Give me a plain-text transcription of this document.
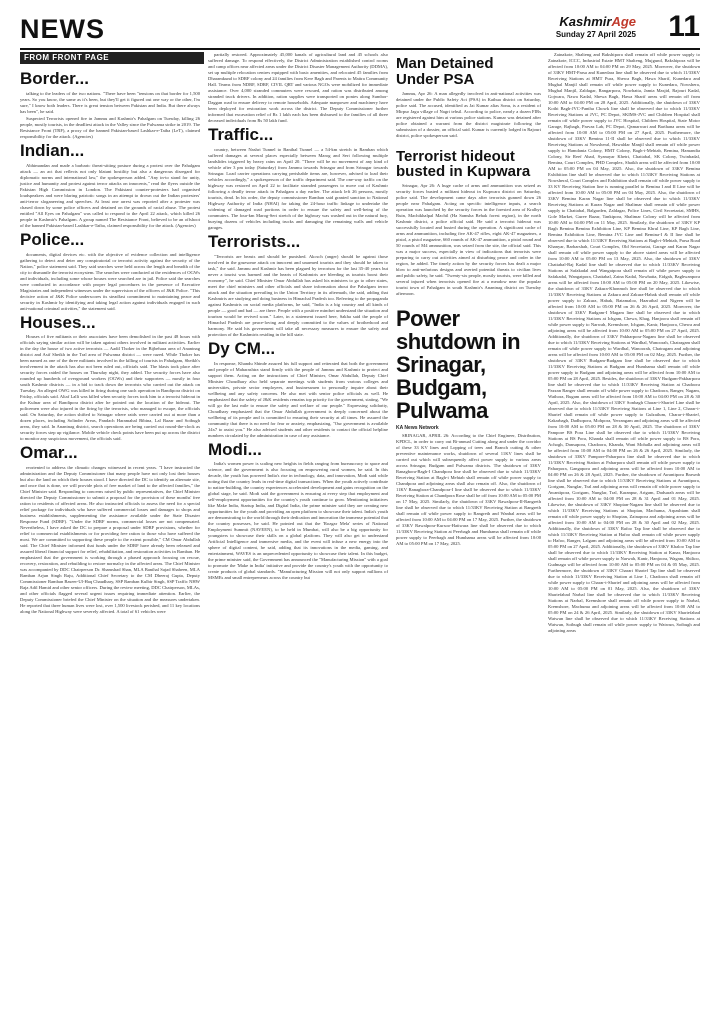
NEWS	KashmirAge
Sunday 27 April 2025 11
FROM FRONT PAGE
Border...

talking to the leaders of the two nations. "There have been "tensions on that border for 1,500 years. So you know, the same as it's been, but they'll get it figured out one way or the other, I'm sure," I know both leaders. There is great tension between Pakistan and India. But there always has been", he said.

Suspected Terrorists opened fire in Jammu and Kashmir's Pahalgam on Tuesday, killing 26 people, mostly tourists, in the deadliest attack in the Valley since the Pulwama strike in 2019. The Resistance Front (TRF), a proxy of the banned Pakistan-based Lashkar-e-Taiba (LeT), claimed responsibility for the attack. (Agencies)

Indian...

Abhimandan and made a barbaric threat-sitting posture during a protest over the Pahalgam attack — an act that reflects not only blatant hostility but also a dangerous disregard for diplomatic norms and international law," the spokesperson added. "Any in-to stand for unity, justice and humanity and protest against terror attacks on innocents," read the flyers outside the Pakistan High Commission in London. The Pakistani counter-protesters had organised loudspeakers and were blaring patriotic songs in an attempt to drown out the Indian protesters' anti-terror sloganeering and speeches. At least one arrest was reported after a protester was chased down by some police officers and detained on the grounds of racial abuse. The protest entitled "All Eyes on Pahalgam" was called to respond to the April 22 attack, which killed 26 people in Kashmir's Pahalgam. A group named The Resistance Front, believed to be an offshoot of the banned Pakistan-based Lashkar-e-Taiba, claimed responsibility for the attack. (Agencies)

Police...

documents, digital devices etc. with the objective of evidence collection and intelligence gathering to detect and deter any conspiratorial or terrorist activity against the security of the Nation," police statement said. They said searches were held across the length and breadth of the city to dismantle the terrorist ecosystem. The searches were conducted at the residences of OGWs and individuals, including some whose houses were searched are in jail. Police said the searches were conducted in accordance with proper legal procedures in the presence of Executive Magistrates and independent witnesses under the supervision of the officers of J&K Police. "This decisive action of J&K Police underscores its steadfast commitment to maintaining peace and security in Kashmir by identifying and taking legal action against individuals engaged in such anti-national criminal activities," the statement said.

Houses...

Houses of five militants or their associates have been demolished in the past 48 hours with officials saying similar action will be taken against others involved in militant activities. Earlier in the day the house of two active terrorists — Aadil Thoker in the Bijbehara area of Anantnag district and Asif Sheikh in the Tral area of Pulwama district — were razed. While Thoker has been named as one of the three militants involved in the killing of tourists in Pahalgam, Sheikh's involvement in the attack has also not been ruled out, officials said. The blasts took place after security forces raided the houses on Thursday night, they added. The security forces have also rounded up hundreds of overground workers (OGWs) and their supporters — mostly in four south Kashmir districts — in a bid to track down the terrorists who carried out the attack on Tuesday. An alleged OWG was killed in firing during one such operation in Bandipora district on Friday, officials said. Altaf Lalli was killed when security forces took him to a terrorist hideout in the Kulnar area of Bandipora district after he pointed out the location of the hideout. The policemen were also injured in the firing by the terrorists, who managed to escape, the officials said. On Saturday, the action shifted to Srinagar where raids were carried out at more than a dozen places, including Solinder Areas, Pandach Haramahal Bibina, Lal Bazar and Soibugh areas, they said. In Anantnag district, search operations are being carried out round-the-clock as security forces step up vigilance. Mobile vehicle check points have been put up across the district to monitor any suspicious movement, the officials said.

Omar...

reoriented to address the climatic changes witnessed in recent years. "I have instructed the administration and the Deputy Commissioner that many people have not only lost their houses but also the land on which their houses stood. I have directed the DC to identify an alternate site, and once that is done, we will provide plots of free market of land to the affected families," the Chief Minister said. Responding to concerns raised by public representatives, the Chief Minister directed the Deputy Commissioner to submit a proposal for the provision of these months' free ration to residents of affected areas. He also instructed officials to assess the need for a special relief package for individuals who have suffered commercial losses and damages to shops and business establishments, supplementing the assistance available under the State Disaster Response Fund (SDRF). "Under the SDRF norms, commercial losses are not compensated. Nevertheless, I have asked the DC to prepare a proposal under SDRF provisions, whether for relief to commercial establishments or for providing free ration to those who have suffered the most. We are committed to supporting these people to the extent possible," CM Omar Abdullah said. The Chief Minister informed that funds under the SDRF have already been released and assured liberal financial support for relief, rehabilitation, and restoration activities in Ramban. He emphasized that the government is working through a phased approach focusing on rescue, recovery, restoration, and rebuilding to restore normalcy in the affected areas. The Chief Minister was accompanied by DDC Chairperson Dr. Shamshad Shan, MLA Banihal Sajad Shaheen, MLA Ramban Arjun Singh Raju, Additional Chief Secretary to the CM Dheeraj Gupta, Deputy Commissioner Ramban Baseer-Ul-Haq Chaudhary, SSP Ramban Kulbir Singh, SSP Traffic NHW Raja Adil Hamid and other senior officers. During the review meeting, DDC Chairperson, MLAs, and other officials flagged several urgent issues requiring immediate attention. Earlier, the Deputy Commissioner briefed the Chief Minister on the situation and the measures undertaken. He reported that three human lives were lost, over 1,500 livestock perished, and 11 key locations along the National Highway were severely affected. A total of 61 vehicles were

partially restored. Approximately 45,000 kanals of agricultural land and 45 schools also suffered damage. To respond effectively, the District Administration established control rooms and camp offices near affected areas under the District Disaster Management Authority (DDMA), set up multiple relocation centres equipped with basic amenities, and relocated 45 families from Dharamkund to SDRF colony and 24 families from Kere Bagh and Parents to Maitra Community Hall. Teams from NDRF, SDRF, CIVIL QRT and various NGOs were mobilized for immediate assistance. Over 4,000 stranded commuters were rescued, and ration was distributed among stranded truck drivers. In addition, ration supplies were transported on ponies along Sumbor-Daggan road to ensure delivery to remote households. Adequate manpower and machinery have been deployed for restoration work across the district. The Deputy Commissioner further informed that excavation relief of Rs 1 lakh each has been disbursed to the families of all three deceased individuals from Rs 50 lakh fund.

Traffic...

country, between Nashri Tunnel to Banihal Tunnel — a 54-km stretch in Ramban which suffered damages at several places especially between Marog and Seri following multiple landslides triggered by heavy rains on April 20. "There will be no movement of any kind of vehicle after 3 pm today (Saturday) from Jammu towards Srinagar and from Srinagar towards Srinagar. Load carrier operations carrying perishable items are, however, advised to load their vehicles accordingly," a spokesperson of the traffic department said. The one-way traffic on the highway was restored on April 22 to facilitate stranded passengers to move out of Kashmir following a deadly terror attack in Pahalgam a day earlier. The attack left 26 persons, mostly tourists, dead. In his order, the deputy commissioner Ramban said granted sanction to National Highway Authority of India (NHAI) for taking the 24-hour traffic linkage to undertake the widening of damaged road portions in order to ensure the safety and well-being of the commuters. The four-km Marog-Seri stretch of the highway was washed out in the natural fury, burying dozens of vehicles including trucks and damaging the remaining walls and vehicle garages.

Terrorists...

"Terrorists are beasts and should be punished. Akcsch (anger) should be against those involved in the gruesome attack on innocent and unarmed tourists and they should be taken to task," the said. Jammu and Kashmir has been plagued by terrorism for the last 35-40 years but never a tourist was harmed and the hearts of Kashmiris are bleeding as tourists boost their economy", he said. Chief Minister Omar Abdullah has asked his ministers to go to other states, meet the chief ministers and other officials and share information about the Pahalgam terror attack and the situation prevailing in the Union Territory in its aftermath, the said, adding that Kashmiris are studying and doing business in Himachal Pradesh too. Referring to the propaganda against Kashmiris on social media platforms, he said, "India is a big country and all kinds of people — good and bad — are there. People with a positive mindset understand the situation and tourism would be revived soon." Later, in a statement issued here, Sakha said the people of Himachal Pradesh are peace-loving and deeply committed to the values of brotherhood and harmony. He said his government will take all necessary measures to ensure the safety and protection of the Kashmiris residing in the hill state.

Dy CM...

In response, Khandu Shinde assured his full support and reiterated that both the government and people of Maharashtra stand firmly with the people of Jammu and Kashmir to protect and support them. Acting on the instructions of Chief Minister, Omar Abdullah, Deputy Chief Minister Choudhary also held separate meetings with students from various colleges and universities, private sector employees, and businessmen to personally inquire about their wellbeing and any safety concerns. He also met with senior police officials as well. He emphasized that the safety of J&K residents remains top priority for the government, stating, "We will go the last mile to ensure the safety and welfare of our people." Expressing solidarity, Choudhary emphasized that the Omar Abdullah government is deeply concerned about the wellbeing of its people and is committed to ensuring their security at all times. He assured the community that there is no need for fear or anxiety, emphasizing, "Our government is available 24x7 to assist you." He also advised students and other residents to contact the official helpline numbers circulated by the administration in case of any assistance.

Modi...

India's women power is scaling new heights in fields ranging from bureaucracy to space and science, and the government is also focusing on empowering rural women, he said. In this decade, the youth has powered India's rise in technology, data, and innovation, Modi said while noting that the country leads in real-time digital transactions. When the youth actively contribute to nation-building, the country experiences accelerated development and gains recognition on the global stage, he said. Modi said the government is ensuring at every step that employment and self-employment opportunities for the country's youth continue to grow. Mentioning initiatives like Make India, Startup India, and Digital India, the prime minister said they are creating new opportunities for the youth and providing an open platform to showcase their talent. India's youth are demonstrating to the world through their dedication and innovation the immense potential that the country possesses, he said. He pointed out that the 'Rozgar Mela' series of National Employment Summit (NAVEEN), to be held in Mumbai, will also be a big opportunity for youngsters to showcase their skills on a global platform. They will also get to understand Artificial Intelligence and immersive media, and the event will infuse a new energy into the sphere of digital content, he said, adding that its innovations in the media, gaming, and entertainment, WAVES is an unprecedented opportunity to showcase their talent. In this budget, the prime minister said, the Government has announced the "Manufacturing Mission" with a goal to promote the 'Make in India' initiative and provide the country's youth with the opportunity to create products of global standards. "Manufacturing Mission will not only support millions of MSMEs and small entrepreneurs across the country but

Man Detained Under PSA

Jammu, Apr 26: A man allegedly involved in anti-national activities was detained under the Public Safety Act (PSA) in Kathua district on Saturday, police said. The accused, identified as Jai Kumar alias Sonu, is a resident of Mirpur Jagu village of Nagri tehsil. According to police, nearly a dozen FIRs are registered against him at various police stations. Kumar was detained after police obtained a warrant from the district magistrate following the submission of a dossier, an official said. Kumar is currently lodged in Rajouri district, police spokesperson said.

Terrorist hideout busted in Kupwara

Srinagar, Apr 26: A huge cache of arms and ammunition was seized as security forces busted a militant hideout in Kupwara district on Saturday, police said. The development came days after terrorists gunned down 26 people near Pahalgam. Acting on specific intelligence inputs, a search operation was launched by the security forces in the forested area of Kralbyi Ruin, Machikhalpal Machil (Ha Samsha Behak forest region), in the north Kashmir district, a police official said. He said a terrorist hideout was successfully located and busted during the operation. A significant cache of arms and ammunition, including five AK-47 rifles, eight AK-47 magazines, a pistol, a pistol magazine, 660 rounds of AK-47 ammunition, a pistol round and 50 rounds of M4 ammunition, was seized from the site, the official said. This was a major success, especially in view of indications that terrorists were preparing to carry out activities aimed at disturbing peace and order in the region, he added. The timely action by the security forces has dealt a major blow to anti-nefarious designs and averted potential threats to civilian lives and public safety, he said. "Twenty-six people, mostly tourists, were killed and several injured when terrorists opened fire at a meadow near the popular tourist town of Pahalgam in south Kashmir's Anantnag district on Tuesday afternoon.

Power shutdown in Srinagar, Budgam, Pulwama
KA News Network

SRINAGAR, APRIL 26: According to the Chief Engineer, Distribution, KPDCL, in order to carry out Bi-annual Cutting along and under the corridor of these 33 KV lines and Lopping of trees and Branch cutting & other preventive maintenance works, shutdown of several 11KV lines shall be carried out which will subsequently affect power supply to various areas across Srinagar, Budgam and Pulwama districts. The shutdown of 33KV Ranagbora-Bagh-I Chandpora line shall be observed due to which 11/33KV Receiving Station at Bagh-i Mehtab shall remain off while power supply to Chandpora and adjoining areas shall also remain off. Also, the shutdown of 11KV Ranagbora-Chandpora-I line shall be observed due to which 11/33KV Receiving Station at Chandpora Rose shall be off from 10:00 AM to 05:00 PM on 17 May, 2025. Similarly, the shutdown of 33KV Rawalpora-II-Rangreth line shall be observed due to which 11/33KV Receiving Station at Rangreth shall remain off while power supply to Rangreth and Wanbal areas will be affected from 10:00 AM to 04:00 PM on 17 May, 2025. Further, the shutdown of 33KV Rawalpora-Kursoo-Hatiwara line shall be observed due to which 11/33KV Receiving Station at Peerbagh and Humhama shall remain off while power supply to Peerbagh and Humhama areas will be affected from 10:00 AM to 05:00 PM on 17 May, 2025.

Zainakote, Shalteng and Bakshipora shall remain off while power supply to Zainakote, ICCC, Industrial Estate HMT Shalteng, Mujgund, Bakshipora will be affected from 10:00 AM to 04:00 PM on 29 May, 2025. Moreover, the shutdown of 33KV HMT-Parsa and Kunedara line shall be observed due to which 11/33KV Receiving Stations at HMT Pura, Shewa Bagh, Hawa Sharif, Kunedara and Mughal Manjil shall remain off while power supply to Kunedara, Nowshera, Mughal Manjil, Zaldagar, Rangarpora, Nowhatta, Jamia Masjid, Rajouri Kadal, Gojwara, Nawa Kadal, Shewa Bagh, Hawa Sharif areas will remain off from 10:00 AM to 04:00 PM on 28 April, 2025. Additionally, the shutdown of 33KV Kothi Bagh-JVC-Pantha Chowk line shall be observed due to which 11/33KV Receiving Stations at JVC, PC Depot, SKIMS-JVC and Children Hospital shall remain off while power supply to JVC Hospital, Children Hospital, State Motor Garage, Rajbagh, Parvaz Lab, PC Depot, Qamarwari and Barthana areas will be affected from 10:00 AM to 05:00 PM on 27 April, 2025. Furthermore, the shutdown of 33KV Bemina 11-II shall be observed due to which 11/33KV Receiving Stations at Nowsheral, Hawaldar Manjil shall remain off while power supply to Hamdania Colony, HMT Colony, Bagh-i-Mehtab, Bemina, Hamandia Colony, Sir Reef Abad, Syanayar Khetri, Chattabal, SK Colony, Twinbadal, Bemina, Court Complex, PHD Complex, Shaikh areas will be affected from 10:00 AM to 05:00 PM on 04 May, 2025. Also, the shutdown of 33KV Bemina Exhibition line shall be observed due to which 11/33KV Receiving Stations at Nowsheral, Court Complex and Exhibition shall remain off while power supply to 33 KV Receiving Station line is running parallel to Bemina I and II Line will be affected from 10:00 AM to 05:00 PM on 04 May, 2025. Also, the shutdown of 33KV Bemina Karan Nagar line shall be observed due to which 11/33KV Receiving Stations at Karan Nagar and Shalimar shall remain off while power supply to Chattabal, Balgarden, Zaldagar, Police Lines, Civil Secretariat, SMHS, Gole Market, Guree Bazar, Tankipora, Shalimar Colony will be affected from 10:00 AM to 04:00 PM on 11 May, 2025. Similarly, the shutdown of 33KV KP Bagh Bemina Bemina Exhibition Line, KP Bemina Khrul Line, KP Bagh Line, Bemina Exhibition Line, Bemina JVC Line and Bemina-I & II line shall be observed due to which 11/33KV Receiving Stations at Bagh-i-Mehtab, Parsa Road Khanyar, Barbarshah, Court Complex, Old Secretariat, Garage and Karan Nagar shall remain off while power supply to the above stated areas will be affected from 10:00 AM to 05:00 PM on 13 May, 2025. Also, the shutdown of 33KV Chattabal-Raj Kadal line shall be observed due to which 11/33KV Receiving Stations at Safakadal and Wangatpora shall remain off while power supply to Safakadal, Wangatpora, Chattabal, Zaina Kadal, Nowhatta, Eidgah, Baghwanpora areas will be affected from 10:00 AM to 05:00 PM on 20 May, 2025. Likewise, the shutdown of 33KV Zakura-Khonmoh line shall be observed due to which 11/33KV Receiving Stations at Zakura and Zakura-Habak shall remain off while power supply to Zakura, Habak, Batamaloo, Hazratbal and Nigeen will be affected from 10:00 AM to 05:00 PM on 26 & 26 April, 2025. Moreover, the shutdown of 33KV Budgam-I Magam line shall be observed due to which 11/33KV Receiving Stations at Ichgam, Chewa, Khag, Hanjoora shall remain off while power supply to Narwah, Kremshore, Ichgam, Kanir, Hanjoora, Chewa and adjoining areas will be affected from 10:00 AM to 05:00 PM on 27 April, 2025. Additionally, the shutdown of 33KV Pakharpora-Nagam line shall be observed due to which 11/33KV Receiving Stations at Wardhal, Wanoorah, Chatragam shall remain off while power supply to Wardhal, Wanoorah, Chatragam and adjoining areas will be affected from 10:00 AM to 05:00 PM on 02 May, 2025. Further, the shutdown of 33KV Budgam-Budgam line shall be observed due to which 11/33KV Receiving Stations at Budgam and Humhama shall remain off while power supply to Budgam and adjoining areas will be affected from 10:00 AM to 05:00 PM on 28 April, 2025. Besides, the shutdown of 33KV Budgam-Pakharpora line shall be observed due to which 11/33KV Receiving Station at Chadoora Pazzan Ranger shall remain off while power supply to Chadoora, Ranger, Nagam, Wathora, Bugam areas will be affected from 10:00 AM to 04:00 PM on 28 & 30 April, 2025. Also, the shutdown of 33KV Sonbagh Charar-i-Sharief Line shall be observed due to which 11/33KV Receiving Stations at Line 1, Line 2, Charar-i-Sharief shall remain off while power supply to Gulzailum, Charar-i-Sharief, Kakarbagh, Dadhopora, Mohpora, Yerrangam and adjoining areas will be affected from 10:00 AM to 05:00 PM on 28 & 30 April, 2025. The shutdown of 33KV Pampore BS Pora Line shall be observed due to which 11/33KV Receiving Stations at BS Pora, Khanda shall remain off while power supply to BS Pora, Achogh, Dansapora, Chadoora, Khanda, Wani Mohalla and adjoining areas will be affected from 10:00 AM to 04:00 PM on 26 & 26 April, 2025. Similarly, the shutdown of 33KV Pampore-Paharpora line shall be observed due to which 11/33KV Receiving Station at Paharpora shall remain off while power supply to Paharpora, Gangapora and adjoining areas will be affected from 10:00 AM to 04:00 PM on 26 & 28 April, 2025. Further, the shutdown of Awantipora Brawnb line shall be observed due to which 11/33KV Receiving Stations at Awantipora, Gorigam, Nunglar, Tral and adjoining areas will remain off while power supply to Awantipora, Gorigam, Nunglar, Tral, Karanpur, Arigam, Dadsarah areas will be affected from 10:00 AM to 04:00 PM on 28 & 31 April and 01 May, 2025. Likewise, the shutdown of 33KV Shopian-Nagam line shall be observed due to which 11/33KV Receiving Stations at Shopian, Machuma, Arpashtam shall remain off while power supply to Shopian, Zainapora and adjoining areas will be affected from 10:00 AM to 04:00 PM on 28 & 30 April and 02 May, 2025. Additionally, the shutdown of 33KV Rafoo Tap line shall be observed due to which 11/33KV Receiving Station at Hafoo shall remain off while power supply to Hafoo, Ranger, Lalgam and adjoining areas will be affected from 10:00 AM to 05:00 PM on 27 April, 2025. Additionally, the shutdown of 33KV Khaloo Tap line shall be observed due to which 11/33KV Receiving Station at Kanar, Hanjoora shall remain off while power supply to Narwah, Kanir, Hanjoora, Wagam, Shiltoo, Gudmaga will be affected from 10:00 AM to 05:00 PM on 04 & 05 May, 2025. Furthermore, the shutdown of 33KV Charari Sharief Tap line shall be observed due to which 11/33KV Receiving Station at Line 1, Chadoora shall remain off while power supply to Charar-i-Sharief and adjoining areas will be affected from 10:00 AM to 05:00 PM on 01 May, 2025. Also, the shutdown of 33KV Shariefabad Narbal line shall be observed due to which 11/33KV Receiving Stations at Narbal, Kremshore shall remain off while power supply to Narbal, Kremshore, Machuma and adjoining areas will be affected from 10:00 AM to 05:00 PM on 24 & 26 April, 2025. Similarly, the shutdown of 33KV Shariefabad Watwun line shall be observed due to which 11/33KV Receiving Stations at Watwun, Soibugh shall remain off while power supply to Watwun, Soibugh and adjoining areas
